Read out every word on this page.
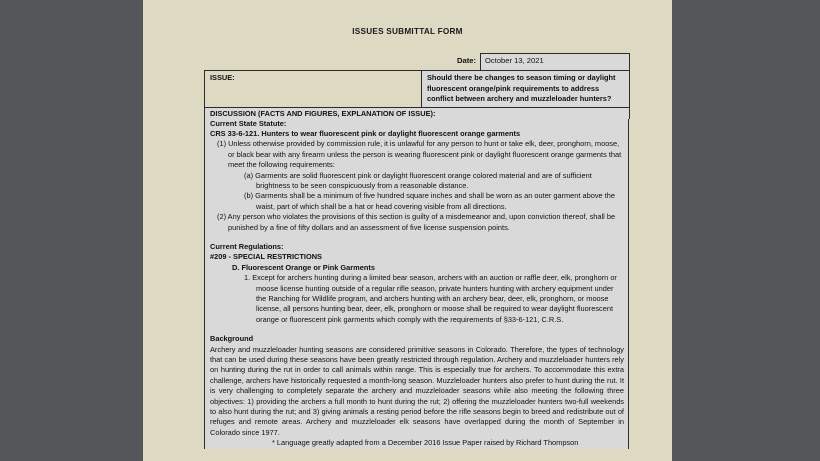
ISSUES SUBMITTAL FORM
Date:		October 13, 2021
ISSUE:	Should there be changes to season timing or daylight fluorescent orange/pink requirements to address conflict between archery and muzzleloader hunters?	
DISCUSSION (FACTS AND FIGURES, EXPLANATION OF ISSUE):		
Current State Statute:
CRS 33-6-121. Hunters to wear fluorescent pink or daylight fluorescent orange garments
(1) Unless otherwise provided by commission rule, it is unlawful for any person to hunt or take elk, deer, pronghorn, moose, or black bear with any firearm unless the person is wearing fluorescent pink or daylight fluorescent orange garments that meet the following requirements:
(a) Garments are solid fluorescent pink or daylight fluorescent orange colored material and are of sufficient brightness to be seen conspicuously from a reasonable distance.
(b) Garments shall be a minimum of five hundred square inches and shall be worn as an outer garment above the waist, part of which shall be a hat or head covering visible from all directions.
(2) Any person who violates the provisions of this section is guilty of a misdemeanor and, upon conviction thereof, shall be punished by a fine of fifty dollars and an assessment of five license suspension points.
Current Regulations:
#209 - SPECIAL RESTRICTIONS
D. Fluorescent Orange or Pink Garments
1. Except for archers hunting during a limited bear season, archers with an auction or raffle deer, elk, pronghorn or moose license hunting outside of a regular rifle season, private hunters hunting with archery equipment under the Ranching for Wildlife program, and archers hunting with an archery bear, deer, elk, pronghorn, or moose license, all persons hunting bear, deer, elk, pronghorn or moose shall be required to wear daylight fluorescent orange or fluorescent pink garments which comply with the requirements of §33-6-121, C.R.S.
Background
Archery and muzzleloader hunting seasons are considered primitive seasons in Colorado. Therefore, the types of technology that can be used during these seasons have been greatly restricted through regulation. Archery and muzzleloader hunters rely on hunting during the rut in order to call animals within range. This is especially true for archers. To accommodate this extra challenge, archers have historically requested a month-long season. Muzzleloader hunters also prefer to hunt during the rut. It is very challenging to completely separate the archery and muzzleloader seasons while also meeting the following three objectives: 1) providing the archers a full month to hunt during the rut; 2) offering the muzzleloader hunters two-full weekends to also hunt during the rut; and 3) giving animals a resting period before the rifle seasons begin to breed and redistribute out of refuges and remote areas. Archery and muzzleloader elk seasons have overlapped during the month of September in Colorado since 1977.
* Language greatly adapted from a December 2016 Issue Paper raised by Richard Thompson
